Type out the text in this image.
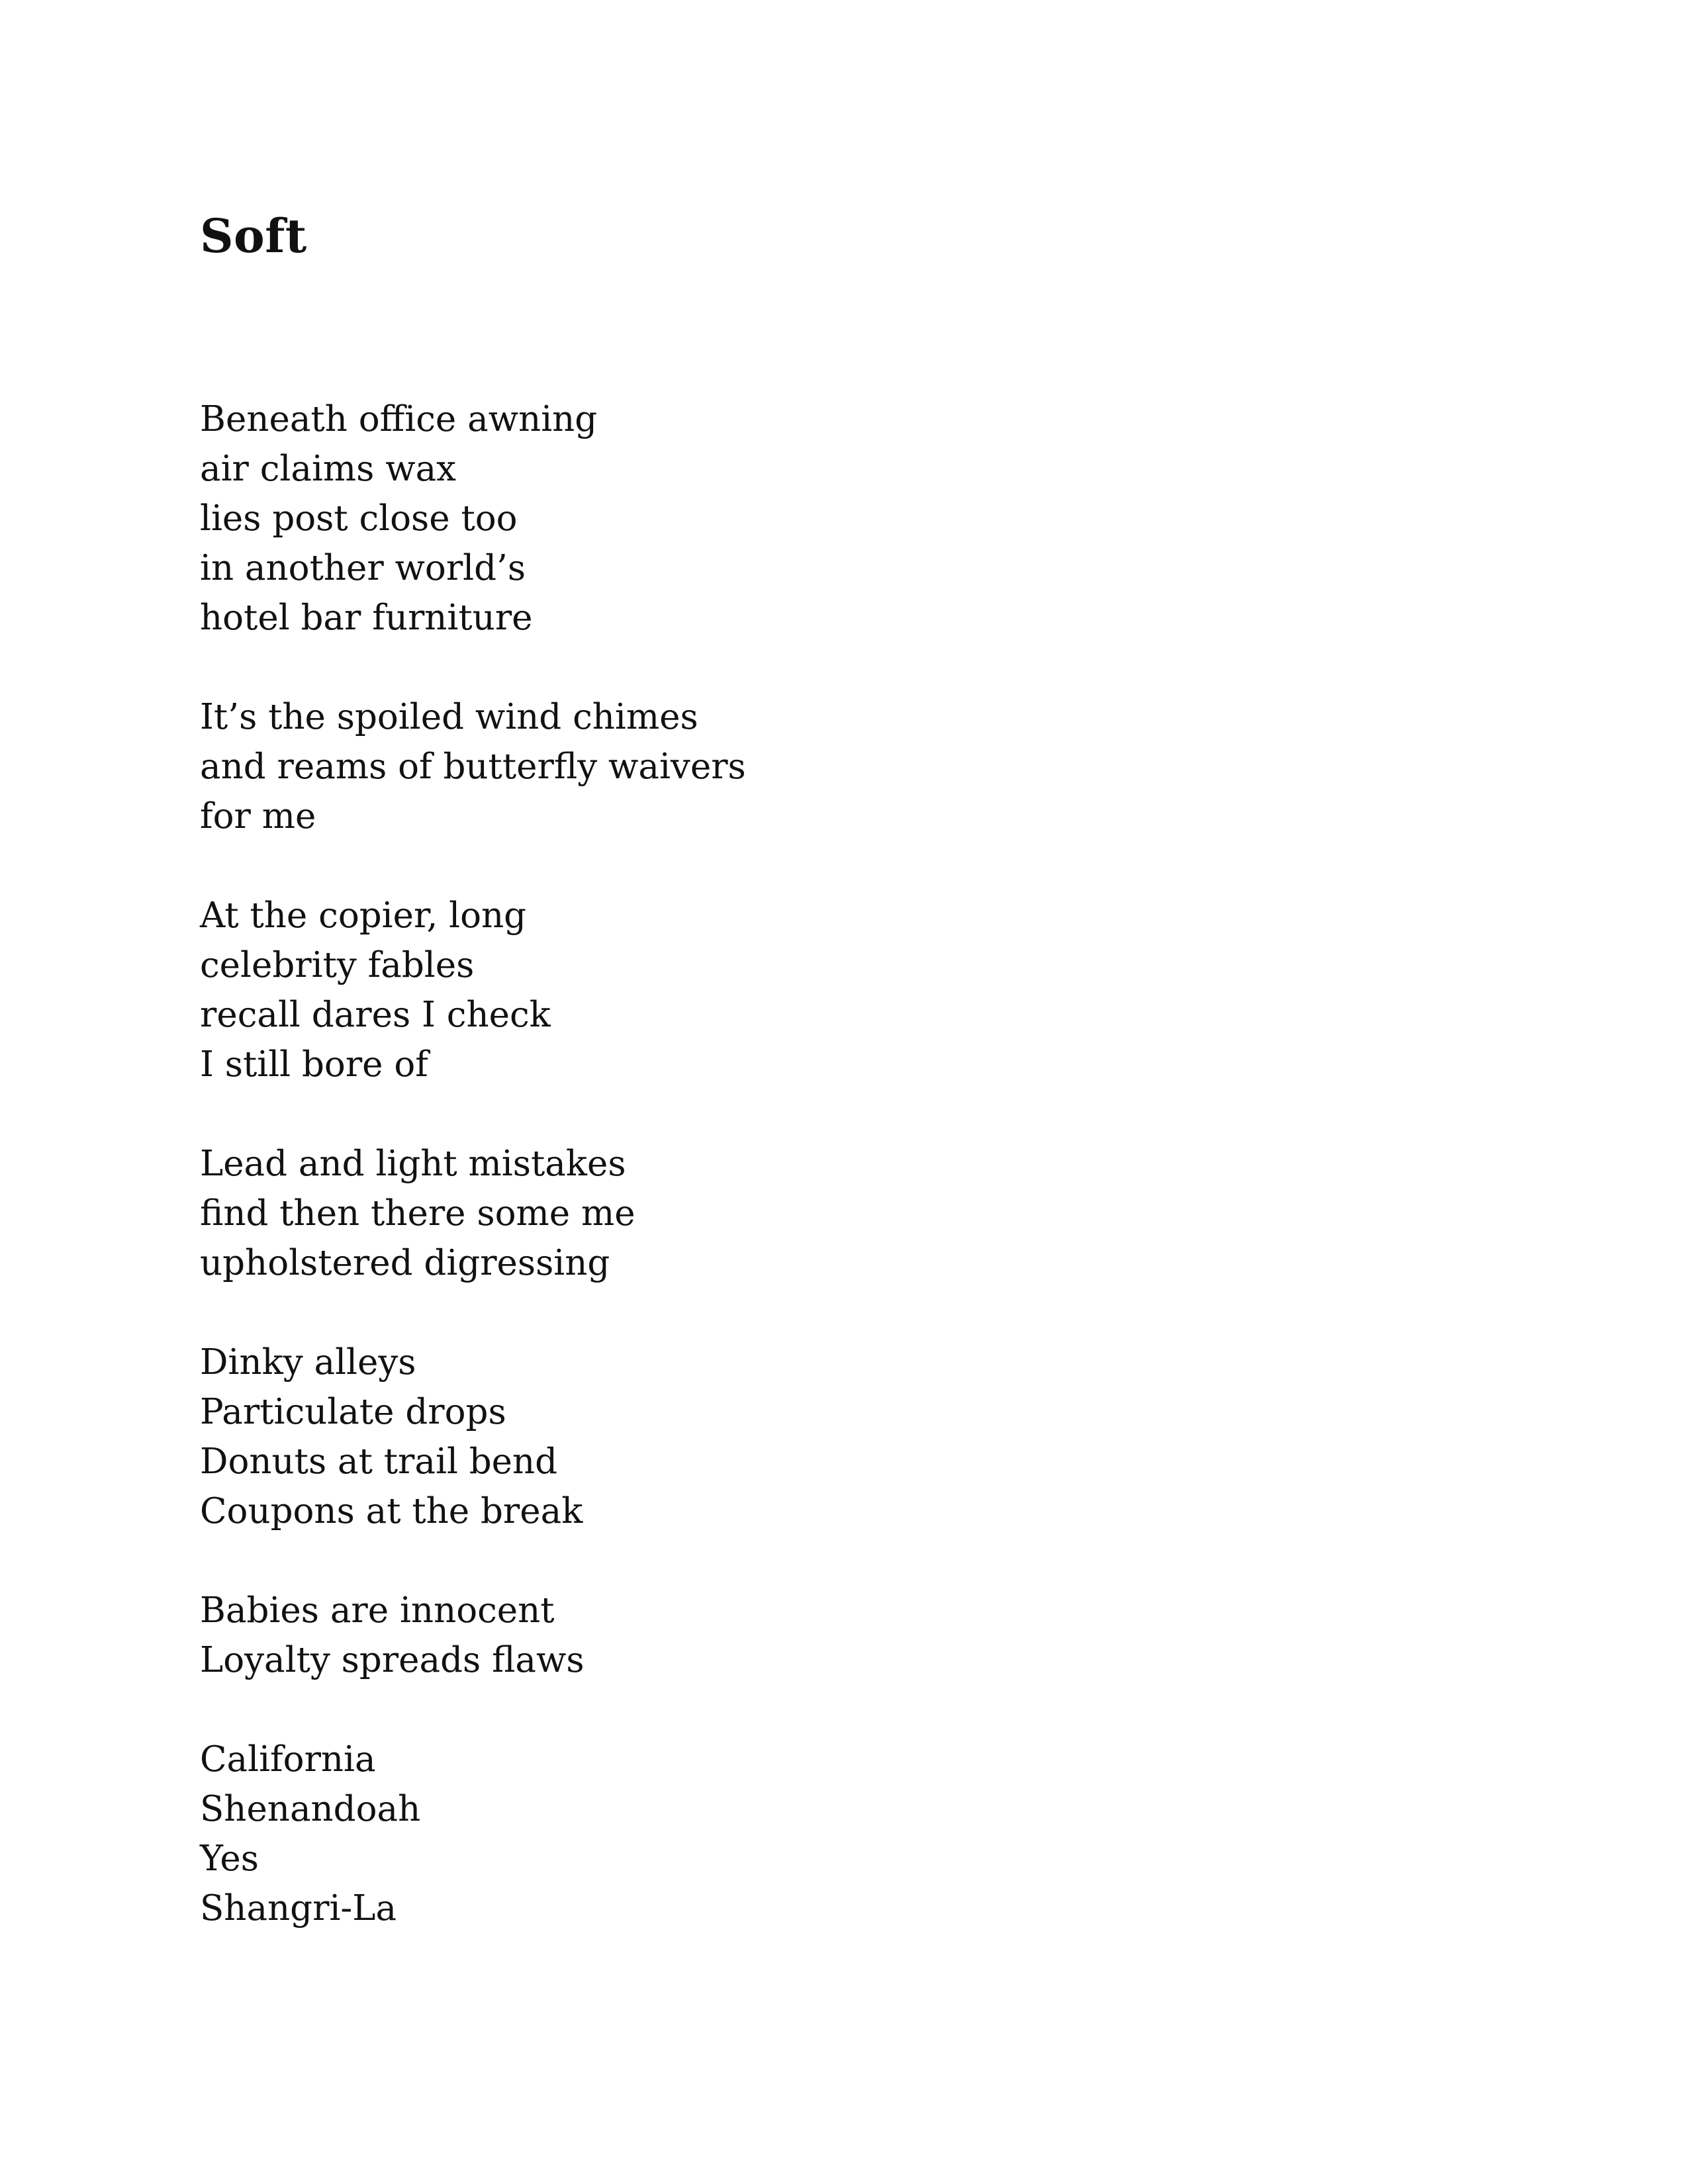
Soft
Beneath office awning
air claims wax
lies post close too
in another world’s
hotel bar furniture
It’s the spoiled wind chimes
and reams of butterfly waivers
for me
At the copier, long
celebrity fables
recall dares I check
I still bore of
Lead and light mistakes
find then there some me
upholstered digressing
Dinky alleys
Particulate drops
Donuts at trail bend
Coupons at the break
Babies are innocent
Loyalty spreads flaws
California
Shenandoah
Yes
Shangri-La
